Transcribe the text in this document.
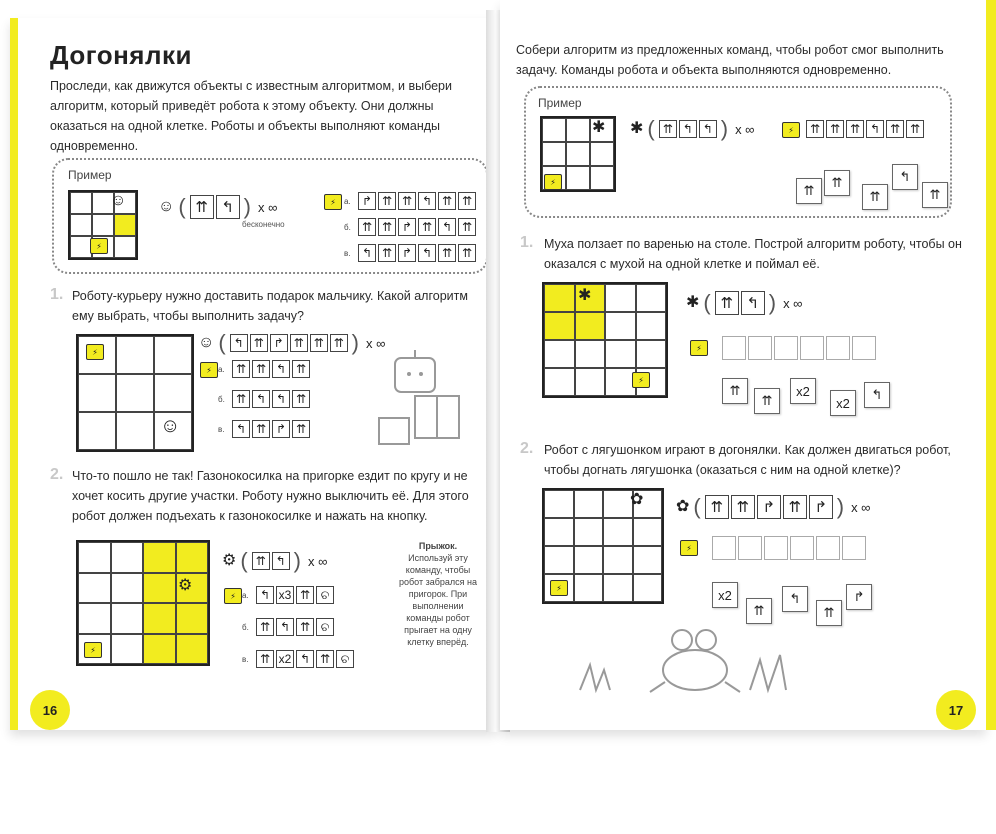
Догонялки
Проследи, как движутся объекты с известным алгоритмом, и выбери алгоритм, который приведёт робота к этому объекту. Они должны оказаться на одной клетке. Роботы и объекты выполняют команды одновременно.
Пример
☺
⚡
☺ ( ⇈ ↰ ) x ∞
бесконечно
⚡	а. ↱ ⇈ ⇈ ↰ ⇈ ⇈
б. ⇈ ⇈ ↱ ⇈ ↰ ⇈
в. ↰ ⇈ ↱ ↰ ⇈ ⇈
1. Роботу-курьеру нужно доставить подарок мальчику. Какой алгоритм ему выбрать, чтобы выполнить задачу?
⚡
☺
☺ ( ↰ ⇈ ↱ ⇈ ⇈ ⇈ ) x ∞
⚡ а. ⇈ ⇈ ↰ ⇈
б. ⇈ ↰ ↰ ⇈
в. ↰ ⇈ ↱ ⇈
2. Что-то пошло не так! Газонокосилка на пригорке ездит по кругу и не хочет косить другие участки. Роботу нужно выключить её. Для этого робот должен подъехать к газонокосилке и нажать на кнопку.
⚙
⚡
⚙ ( ⇈ ↰ ) x ∞
⚡ а. ↰ x3 ⇈ ଚ
б. ⇈ ↰ ⇈ ଚ
в. ⇈ x2 ↰ ⇈ ଚ
Прыжок.
Используй эту команду, чтобы робот забрался на пригорок. При выполнении команды робот прыгает на одну клетку вперёд.
16
Собери алгоритм из предложенных команд, чтобы робот смог выполнить задачу. Команды робота и объекта выполняются одновременно.
Пример
✱
⚡
✱ ( ⇈ ↰ ↰ ) x ∞	⚡	⇈ ⇈ ⇈ ↰ ⇈ ⇈
⇈
⇈
⇈
↰
⇈
1. Муха ползает по варенью на столе. Построй алгоритм роботу, чтобы он оказался с мухой на одной клетке и поймал её.
✱
⚡
✱ ( ⇈ ↰ ) x ∞
⚡
⇈
⇈
x2
x2
↰
2. Робот с лягушонком играют в догонялки. Как должен двигаться робот, чтобы догнать лягушонка (оказаться с ним на одной клетке)?
✿
⚡
✿ ( ⇈ ⇈ ↱ ⇈ ↱ ) x ∞
⚡
x2
⇈
↰
⇈
↱
17
